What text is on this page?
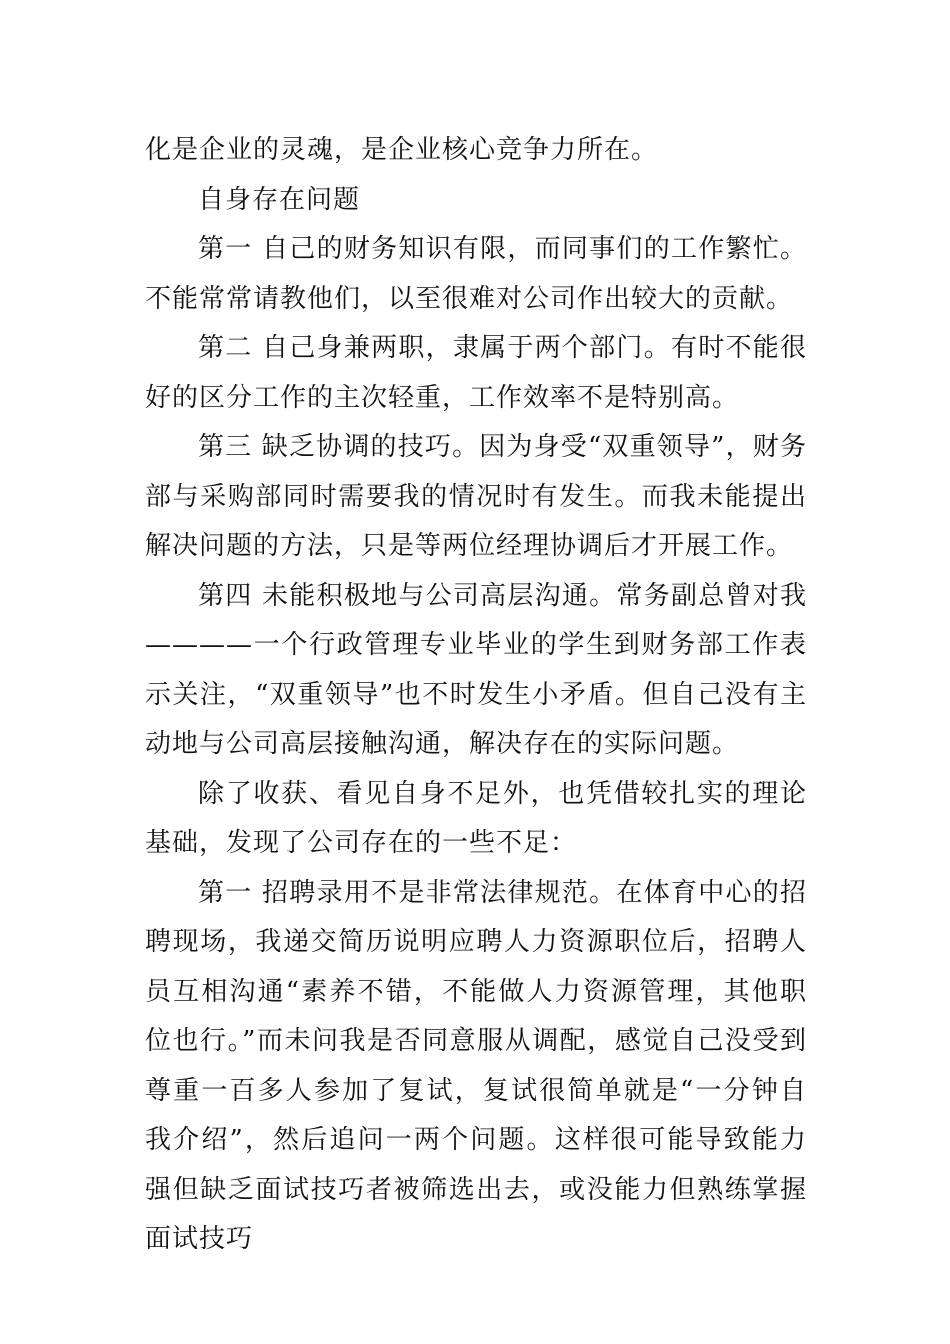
化是企业的灵魂，是企业核心竞争力所在。

自身存在问题

第一 自己的财务知识有限，而同事们的工作繁忙。不能常常请教他们，以至很难对公司作出较大的贡献。

第二 自己身兼两职，隶属于两个部门。有时不能很好的区分工作的主次轻重，工作效率不是特别高。

第三 缺乏协调的技巧。因为身受“双重领导”，财务部与采购部同时需要我的情况时有发生。而我未能提出解决问题的方法，只是等两位经理协调后才开展工作。

第四 未能积极地与公司高层沟通。常务副总曾对我————一个行政管理专业毕业的学生到财务部工作表示关注，“双重领导”也不时发生小矛盾。但自己没有主动地与公司高层接触沟通，解决存在的实际问题。

除了收获、看见自身不足外，也凭借较扎实的理论基础，发现了公司存在的一些不足：

第一 招聘录用不是非常法律规范。在体育中心的招聘现场，我递交简历说明应聘人力资源职位后，招聘人员互相沟通“素养不错，不能做人力资源管理，其他职位也行。”而未问我是否同意服从调配，感觉自己没受到尊重一百多人参加了复试，复试很简单就是“一分钟自我介绍”，然后追问一两个问题。这样很可能导致能力强但缺乏面试技巧者被筛选出去，或没能力但熟练掌握面试技巧
